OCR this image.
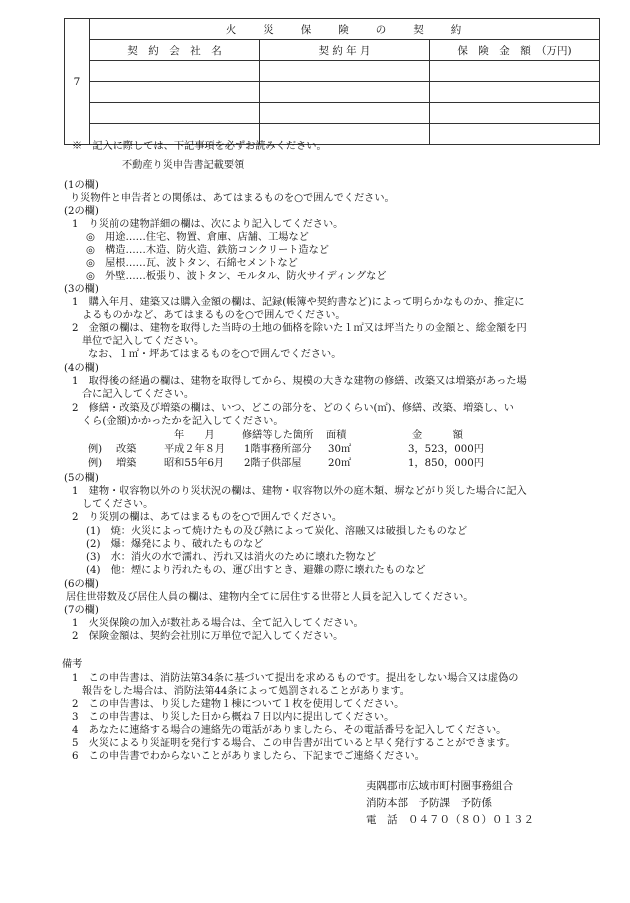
7	火　　災　　保　　険　　の　　契　　約		
	契　約　会　社　名	契 約 年 月	保　険　金　額　（万円)

※　記入に際しては、下記事項を必ずお読みください。
不動産り災申告書記載要領
(1の欄)
り災物件と申告者との関係は、あてはまるものを○で囲んでください。
(2の欄)
1　り災前の建物詳細の欄は、次により記入してください。
◎　用途……住宅、物置、倉庫、店舗、工場など
◎　構造……木造、防火造、鉄筋コンクリート造など
◎　屋根……瓦、波トタン、石綿セメントなど
◎　外壁……板張り、波トタン、モルタル、防火サイディングなど
(3の欄)
1　購入年月、建築又は購入金額の欄は、記録(帳簿や契約書など)によって明らかなものか、推定に
よるものかなど、あてはまるものを○で囲んでください。
2　金額の欄は、建物を取得した当時の土地の価格を除いた１㎡又は坪当たりの金額と、総金額を円
単位で記入してください。
なお、１㎡・坪あてはまるものを○で囲んでください。
(4の欄)
1　取得後の経過の欄は、建物を取得してから、規模の大きな建物の修繕、改築又は増築があった場
合に記入してください。
2　修繕・改築及び増築の欄は、いつ、どこの部分を、どのくらい(㎡)、修繕、改築、増築し、い
くら(金額)かかったかを記入してください。
年　　月	修繕等した箇所 面積	金　　　額
例) 改築	平成２年８月 1階事務所部分 30㎡	3，523，000円
例) 増築	昭和55年6月 2階子供部屋	20㎡	1，850，000円
(5の欄)
1　建物・収容物以外のり災状況の欄は、建物・収容物以外の庭木類、塀などがり災した場合に記入
してください。
2　り災別の欄は、あてはまるものを○で囲んでください。
(1)　焼：火災によって焼けたもの及び熱によって炭化、溶融又は破損したものなど
(2)　爆：爆発により、破れたものなど
(3)　水：消火の水で濡れ、汚れ又は消火のために壊れた物など
(4)　他：煙により汚れたもの、運び出すとき、避難の際に壊れたものなど
(6の欄)
居住世帯数及び居住人員の欄は、建物内全てに居住する世帯と人員を記入してください。
(7の欄)
1　火災保険の加入が数社ある場合は、全て記入してください。
2　保険金額は、契約会社別に万単位で記入してください。
備考
1　この申告書は、消防法第34条に基づいて提出を求めるものです。提出をしない場合又は虚偽の
報告をした場合は、消防法第44条によって処罰されることがあります。
2　この申告書は、り災した建物１棟について１枚を使用してください。
3　この申告書は、り災した日から概ね７日以内に提出してください。
4　あなたに連絡する場合の連絡先の電話がありましたら、その電話番号を記入してください。
5　火災によるり災証明を発行する場合、この申告書が出ていると早く発行することができます。
6　この申告書でわからないことがありましたら、下記までご連絡ください。
夷隅郡市広域市町村圏事務組合
消防本部　予防課　予防係
電　話　０４７０（８０）０１３２
